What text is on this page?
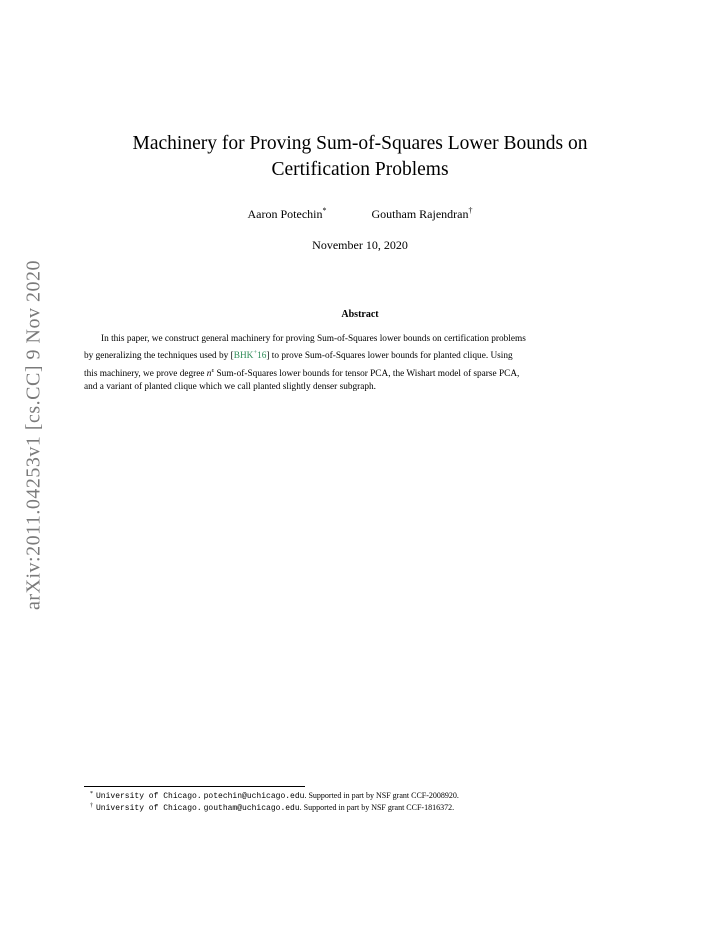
arXiv:2011.04253v1 [cs.CC] 9 Nov 2020
Machinery for Proving Sum-of-Squares Lower Bounds on
Certification Problems
Aaron Potechin*	Goutham Rajendran†
November 10, 2020
Abstract
In this paper, we construct general machinery for proving Sum-of-Squares lower bounds on certification problems
by generalizing the techniques used by [BHK+16] to prove Sum-of-Squares lower bounds for planted clique. Using
this machinery, we prove degree $n^\varepsilon$ Sum-of-Squares lower bounds for tensor PCA, the Wishart model of sparse PCA,
and a variant of planted clique which we call planted slightly denser subgraph.
* University of Chicago. potechin@uchicago.edu. Supported in part by NSF grant CCF-2008920.
† University of Chicago. goutham@uchicago.edu. Supported in part by NSF grant CCF-1816372.
